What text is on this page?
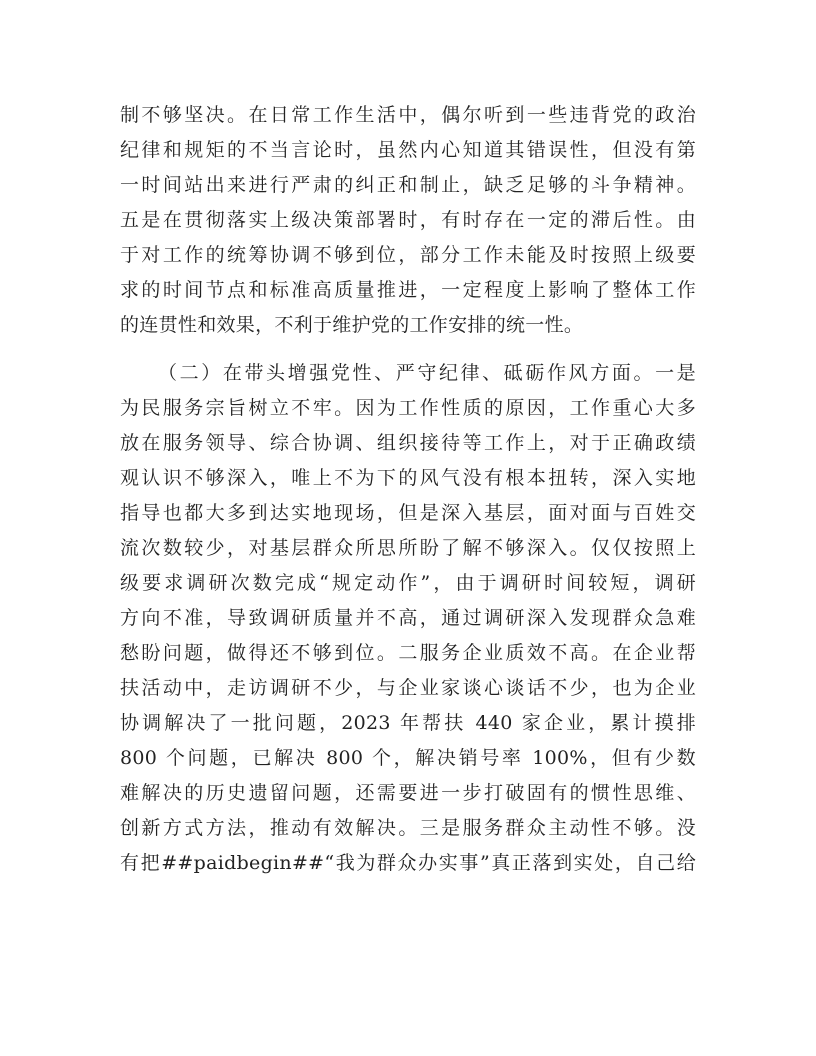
制不够坚决。在日常工作生活中，偶尔听到一些违背党的政治
纪律和规矩的不当言论时，虽然内心知道其错误性，但没有第
一时间站出来进行严肃的纠正和制止，缺乏足够的斗争精神。
五是在贯彻落实上级决策部署时，有时存在一定的滞后性。由
于对工作的统筹协调不够到位，部分工作未能及时按照上级要
求的时间节点和标准高质量推进，一定程度上影响了整体工作
的连贯性和效果，不利于维护党的工作安排的统一性。
（二）在带头增强党性、严守纪律、砥砺作风方面。一是
为民服务宗旨树立不牢。因为工作性质的原因，工作重心大多
放在服务领导、综合协调、组织接待等工作上，对于正确政绩
观认识不够深入，唯上不为下的风气没有根本扭转，深入实地
指导也都大多到达实地现场，但是深入基层，面对面与百姓交
流次数较少，对基层群众所思所盼了解不够深入。仅仅按照上
级要求调研次数完成“规定动作”，由于调研时间较短，调研
方向不准，导致调研质量并不高，通过调研深入发现群众急难
愁盼问题，做得还不够到位。二服务企业质效不高。在企业帮
扶活动中，走访调研不少，与企业家谈心谈话不少，也为企业
协调解决了一批问题，2023 年帮扶 440 家企业，累计摸排
800 个问题，已解决 800 个，解决销号率 100%，但有少数
难解决的历史遗留问题，还需要进一步打破固有的惯性思维、
创新方式方法，推动有效解决。三是服务群众主动性不够。没
有把##paidbegin##“我为群众办实事”真正落到实处，自己给
